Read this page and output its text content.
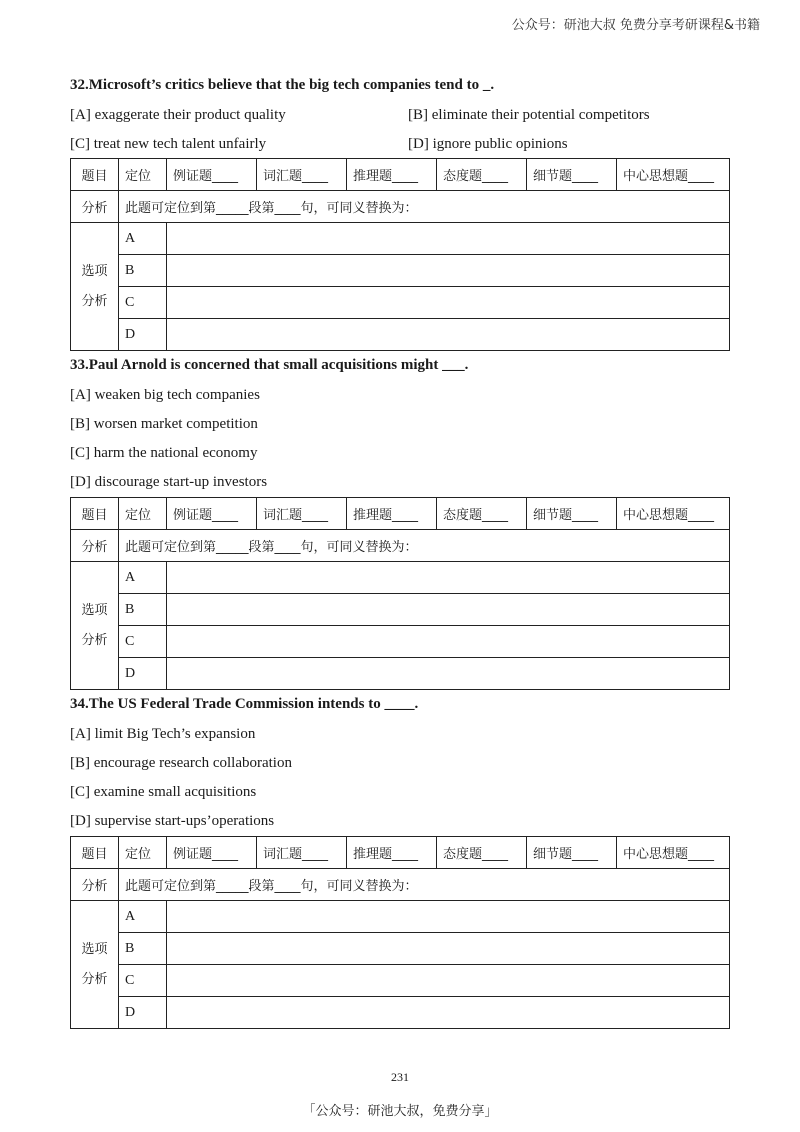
公众号：研池大叔 免费分享考研课程&书籍
32.Microsoft’s critics believe that the big tech companies tend to _.
[A] exaggerate their product quality	[B] eliminate their potential competitors
[C] treat new tech talent unfairly	[D] ignore public opinions
题目	定位	例证题____	词汇题____	推理题____	态度题____	细节题____	中心思想题____
分析	此题可定位到第_____段第____句，可同义替换为：						

选项
分析	A						
	B						
	C						
	D						
33.Paul Arnold is concerned that small acquisitions might ___.
[A] weaken big tech companies
[B] worsen market competition
[C] harm the national economy
[D] discourage start-up investors
题目	定位	例证题____	词汇题____	推理题____	态度题____	细节题____	中心思想题____
分析	此题可定位到第_____段第____句，可同义替换为：						

选项
分析	A						
	B						
	C						
	D						
34.The US Federal Trade Commission intends to ____.
[A] limit Big Tech’s expansion
[B] encourage research collaboration
[C] examine small acquisitions
[D] supervise start-ups’operations
题目	定位	例证题____	词汇题____	推理题____	态度题____	细节题____	中心思想题____
分析	此题可定位到第_____段第____句，可同义替换为：						

选项
分析	A						
	B						
	C						
	D						
231
「公众号：研池大叔，免费分享」
